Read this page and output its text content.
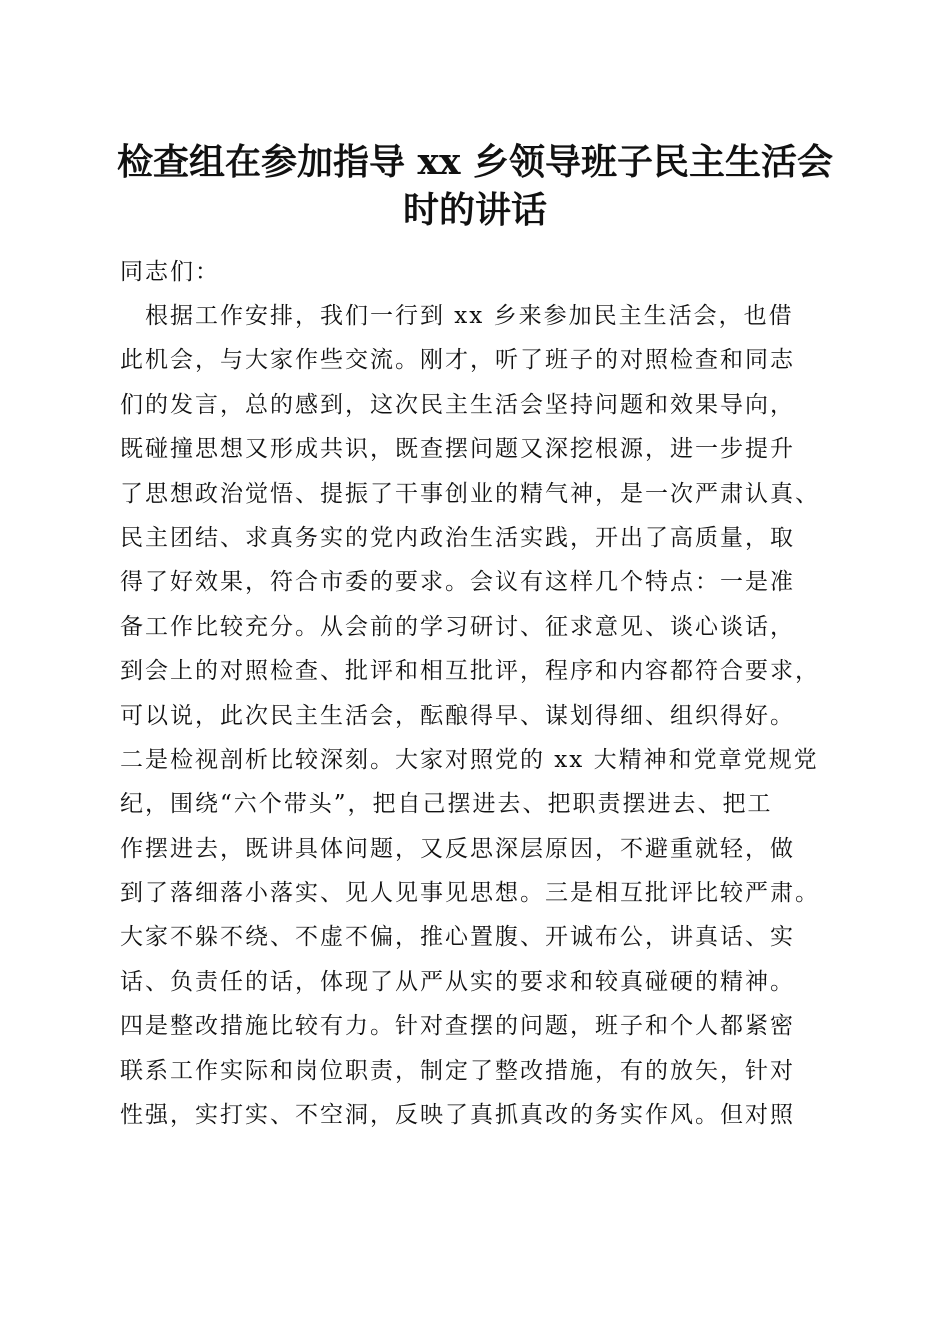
检查组在参加指导 xx 乡领导班子民主生活会
时的讲话
同志们：
　根据工作安排，我们一行到 xx 乡来参加民主生活会，也借
此机会，与大家作些交流。刚才，听了班子的对照检查和同志
们的发言，总的感到，这次民主生活会坚持问题和效果导向，
既碰撞思想又形成共识，既查摆问题又深挖根源，进一步提升
了思想政治觉悟、提振了干事创业的精气神，是一次严肃认真、
民主团结、求真务实的党内政治生活实践，开出了高质量，取
得了好效果，符合市委的要求。会议有这样几个特点：一是准
备工作比较充分。从会前的学习研讨、征求意见、谈心谈话，
到会上的对照检查、批评和相互批评，程序和内容都符合要求，
可以说，此次民主生活会，酝酿得早、谋划得细、组织得好。
二是检视剖析比较深刻。大家对照党的 xx 大精神和党章党规党
纪，围绕“六个带头”，把自己摆进去、把职责摆进去、把工
作摆进去，既讲具体问题，又反思深层原因，不避重就轻，做
到了落细落小落实、见人见事见思想。三是相互批评比较严肃。
大家不躲不绕、不虚不偏，推心置腹、开诚布公，讲真话、实
话、负责任的话，体现了从严从实的要求和较真碰硬的精神。
四是整改措施比较有力。针对查摆的问题，班子和个人都紧密
联系工作实际和岗位职责，制定了整改措施，有的放矢，针对
性强，实打实、不空洞，反映了真抓真改的务实作风。但对照
